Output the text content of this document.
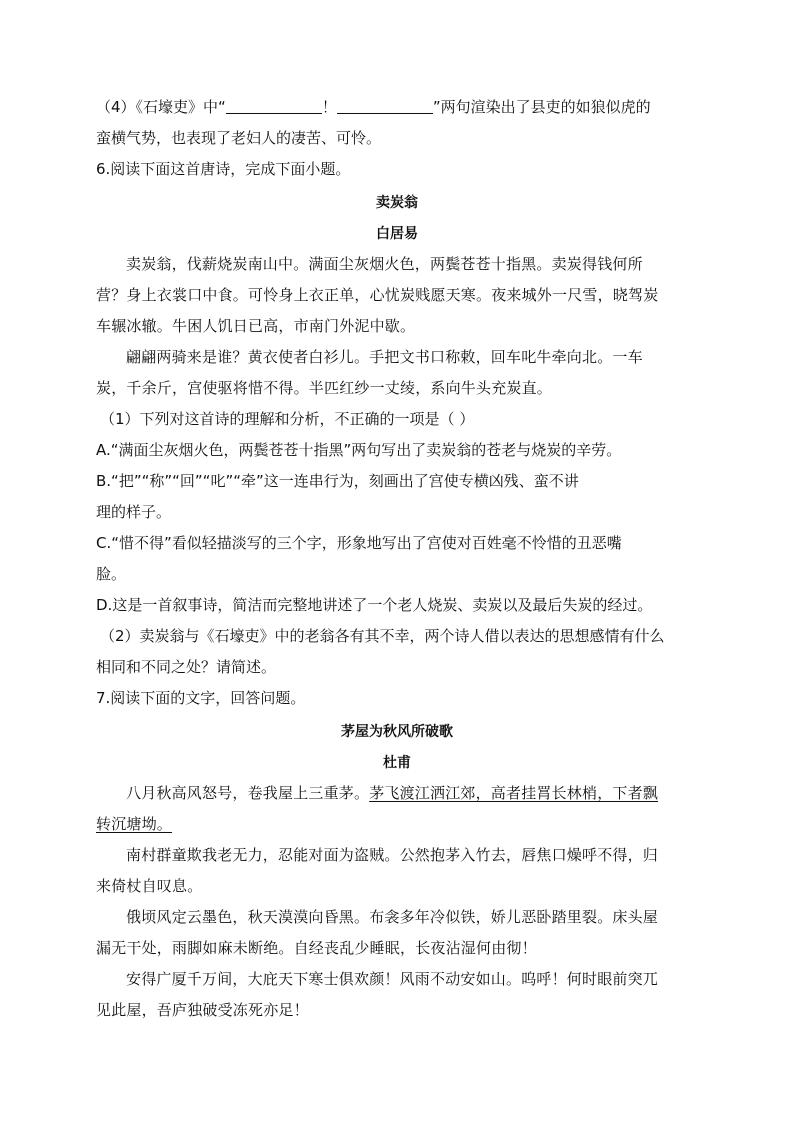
（4）《石壕吏》中“	！	”两句渲染出了县吏的如狼似虎的
蛮横气势，也表现了老妇人的凄苦、可怜。
6.阅读下面这首唐诗，完成下面小题。
卖炭翁
白居易
卖炭翁，伐薪烧炭南山中。满面尘灰烟火色，两鬓苍苍十指黑。卖炭得钱何所
营？身上衣裳口中食。可怜身上衣正单，心忧炭贱愿天寒。夜来城外一尺雪，晓驾炭
车辗冰辙。牛困人饥日已高，市南门外泥中歇。
翩翩两骑来是谁？黄衣使者白衫儿。手把文书口称敕，回车叱牛牵向北。一车
炭，千余斤，宫使驱将惜不得。半匹红纱一丈绫，系向牛头充炭直。
（1）下列对这首诗的理解和分析，不正确的一项是（ ）
A.“满面尘灰烟火色，两鬓苍苍十指黑”两句写出了卖炭翁的苍老与烧炭的辛劳。
B.“把”“称”“回”“叱”“牵”这一连串行为，刻画出了宫使专横凶残、蛮不讲
理的样子。
C.“惜不得”看似轻描淡写的三个字，形象地写出了宫使对百姓毫不怜惜的丑恶嘴
脸。
D.这是一首叙事诗，简洁而完整地讲述了一个老人烧炭、卖炭以及最后失炭的经过。
（2）卖炭翁与《石壕吏》中的老翁各有其不幸，两个诗人借以表达的思想感情有什么
相同和不同之处？请简述。
7.阅读下面的文字，回答问题。
茅屋为秋风所破歌
杜甫
八月秋高风怒号，卷我屋上三重茅。茅飞渡江洒江郊，高者挂罥长林梢，下者飘
转沉塘坳。
南村群童欺我老无力，忍能对面为盗贼。公然抱茅入竹去，唇焦口燥呼不得，归
来倚杖自叹息。
俄顷风定云墨色，秋天漠漠向昏黑。布衾多年冷似铁，娇儿恶卧踏里裂。床头屋
漏无干处，雨脚如麻未断绝。自经丧乱少睡眠，长夜沾湿何由彻！
安得广厦千万间，大庇天下寒士俱欢颜！风雨不动安如山。呜呼！何时眼前突兀
见此屋，吾庐独破受冻死亦足！
